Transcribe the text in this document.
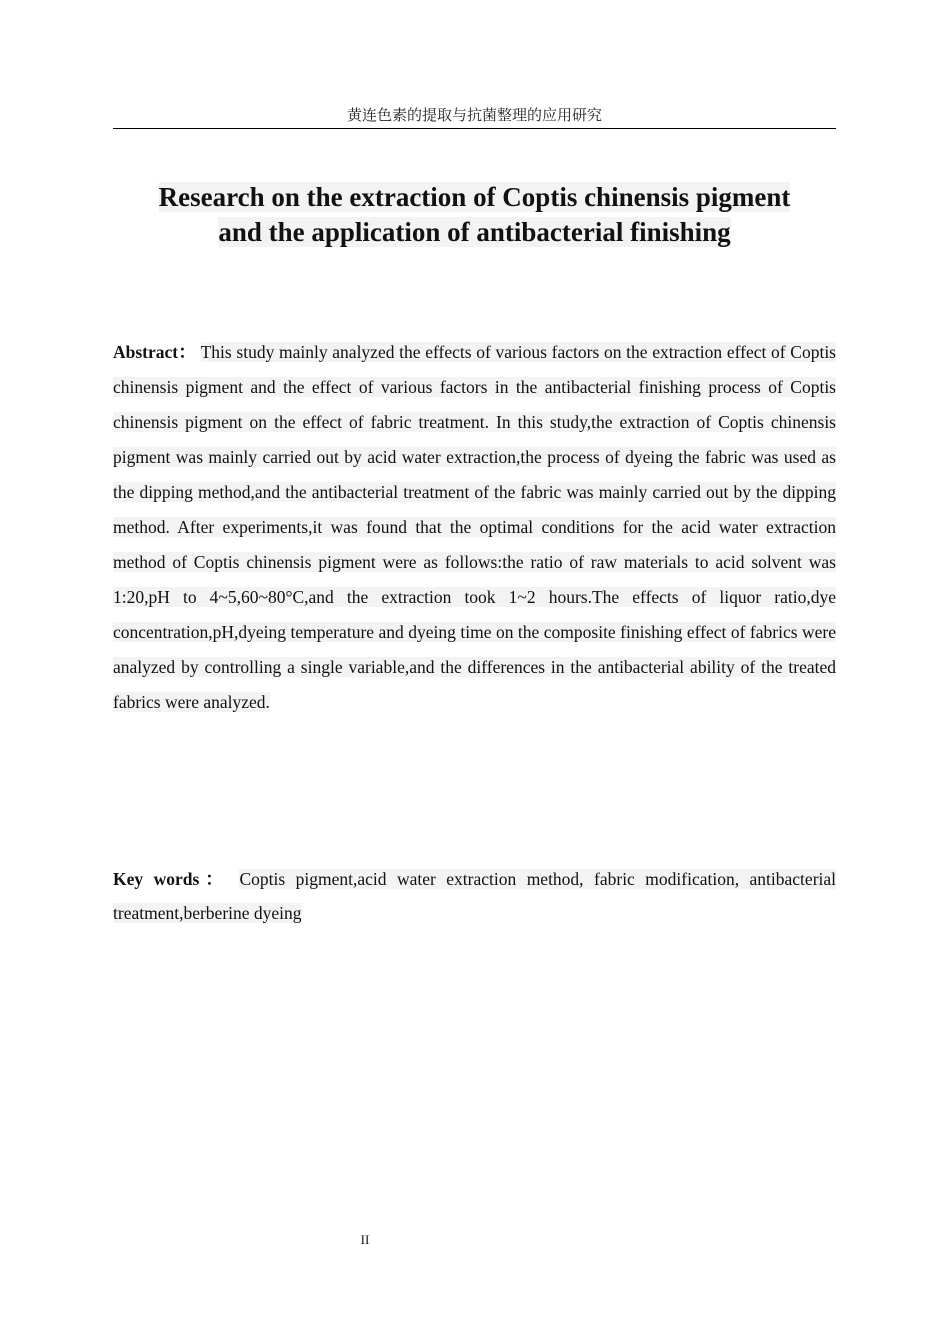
黄连色素的提取与抗菌整理的应用研究
Research on the extraction of Coptis chinensis pigment
and the application of antibacterial finishing
Abstract： This study mainly analyzed the effects of various factors on the extraction effect of Coptis chinensis pigment and the effect of various factors in the antibacterial finishing process of Coptis chinensis pigment on the effect of fabric treatment. In this study,the extraction of Coptis chinensis pigment was mainly carried out by acid water extraction,the process of dyeing the fabric was used as the dipping method,and the antibacterial treatment of the fabric was mainly carried out by the dipping method. After experiments,it was found that the optimal conditions for the acid water extraction method of Coptis chinensis pigment were as follows:the ratio of raw materials to acid solvent was 1:20,pH to 4~5,60~80°C,and the extraction took 1~2 hours.The effects of liquor ratio,dye concentration,pH,dyeing temperature and dyeing time on the composite finishing effect of fabrics were analyzed by controlling a single variable,and the differences in the antibacterial ability of the treated fabrics were analyzed.
Key words： Coptis pigment,acid water extraction method, fabric modification, antibacterial treatment,berberine dyeing
II
